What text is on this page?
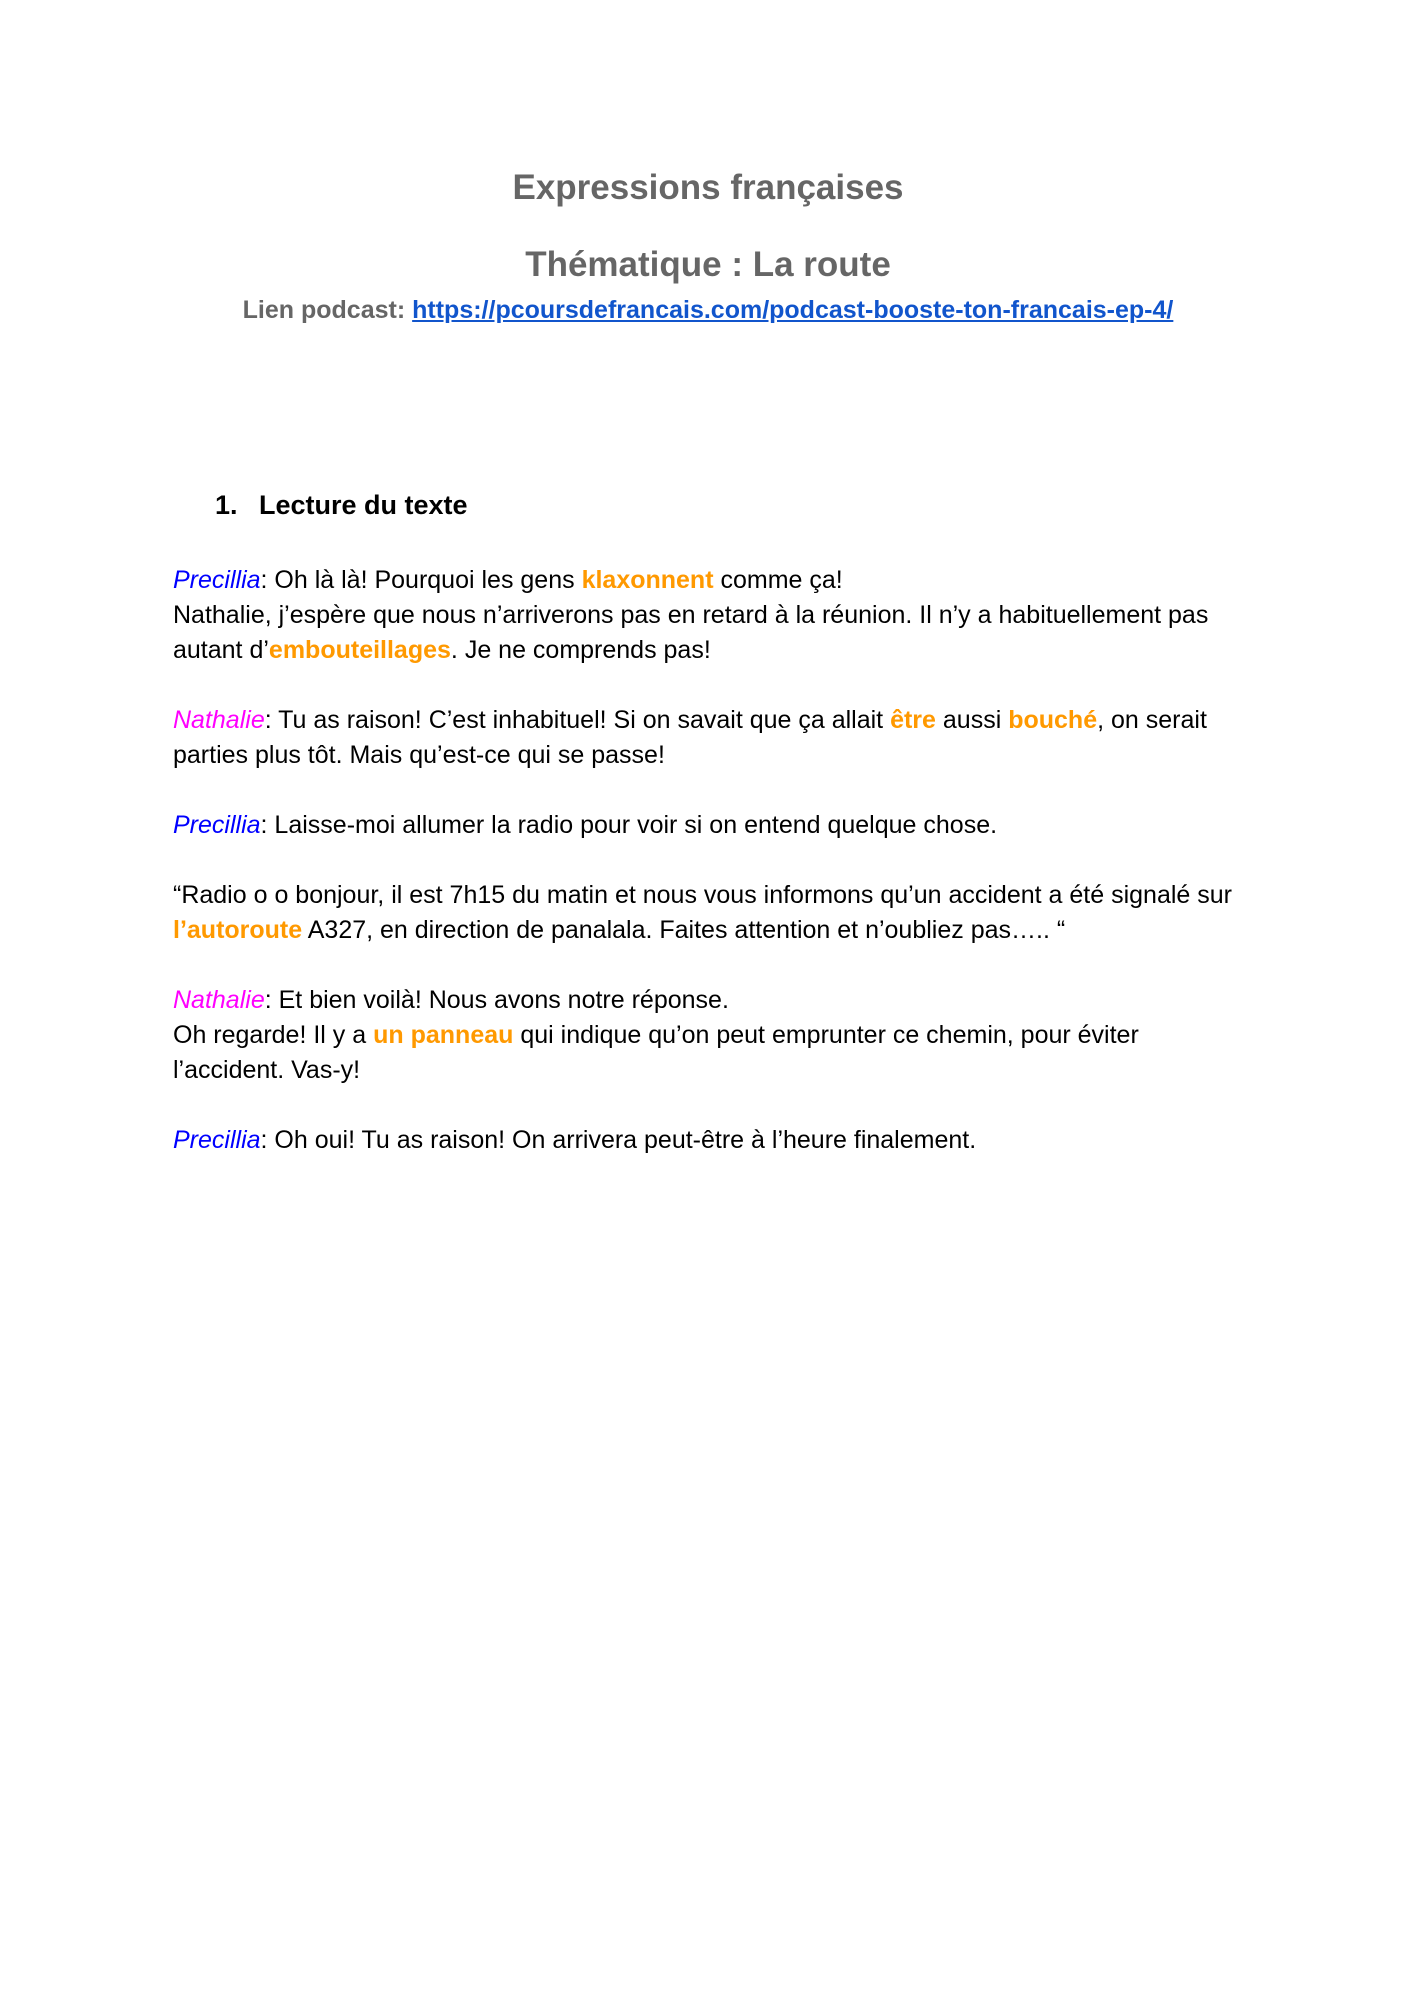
Expressions françaises
Thématique : La route
Lien podcast: https://pcoursdefrancais.com/podcast-booste-ton-francais-ep-4/
1. Lecture du texte

Precillia: Oh là là! Pourquoi les gens klaxonnent comme ça!
Nathalie, j’espère que nous n’arriverons pas en retard à la réunion. Il n’y a habituellement pas autant d’embouteillages. Je ne comprends pas!

Nathalie: Tu as raison! C’est inhabituel! Si on savait que ça allait être aussi bouché, on serait parties plus tôt. Mais qu’est-ce qui se passe!

Precillia: Laisse-moi allumer la radio pour voir si on entend quelque chose.

“Radio o o bonjour, il est 7h15 du matin et nous vous informons qu’un accident a été signalé sur l’autoroute A327, en direction de panalala. Faites attention et n’oubliez pas….. “

Nathalie: Et bien voilà! Nous avons notre réponse.
Oh regarde! Il y a un panneau qui indique qu’on peut emprunter ce chemin, pour éviter l’accident. Vas-y!

Precillia: Oh oui! Tu as raison! On arrivera peut-être à l’heure finalement.
